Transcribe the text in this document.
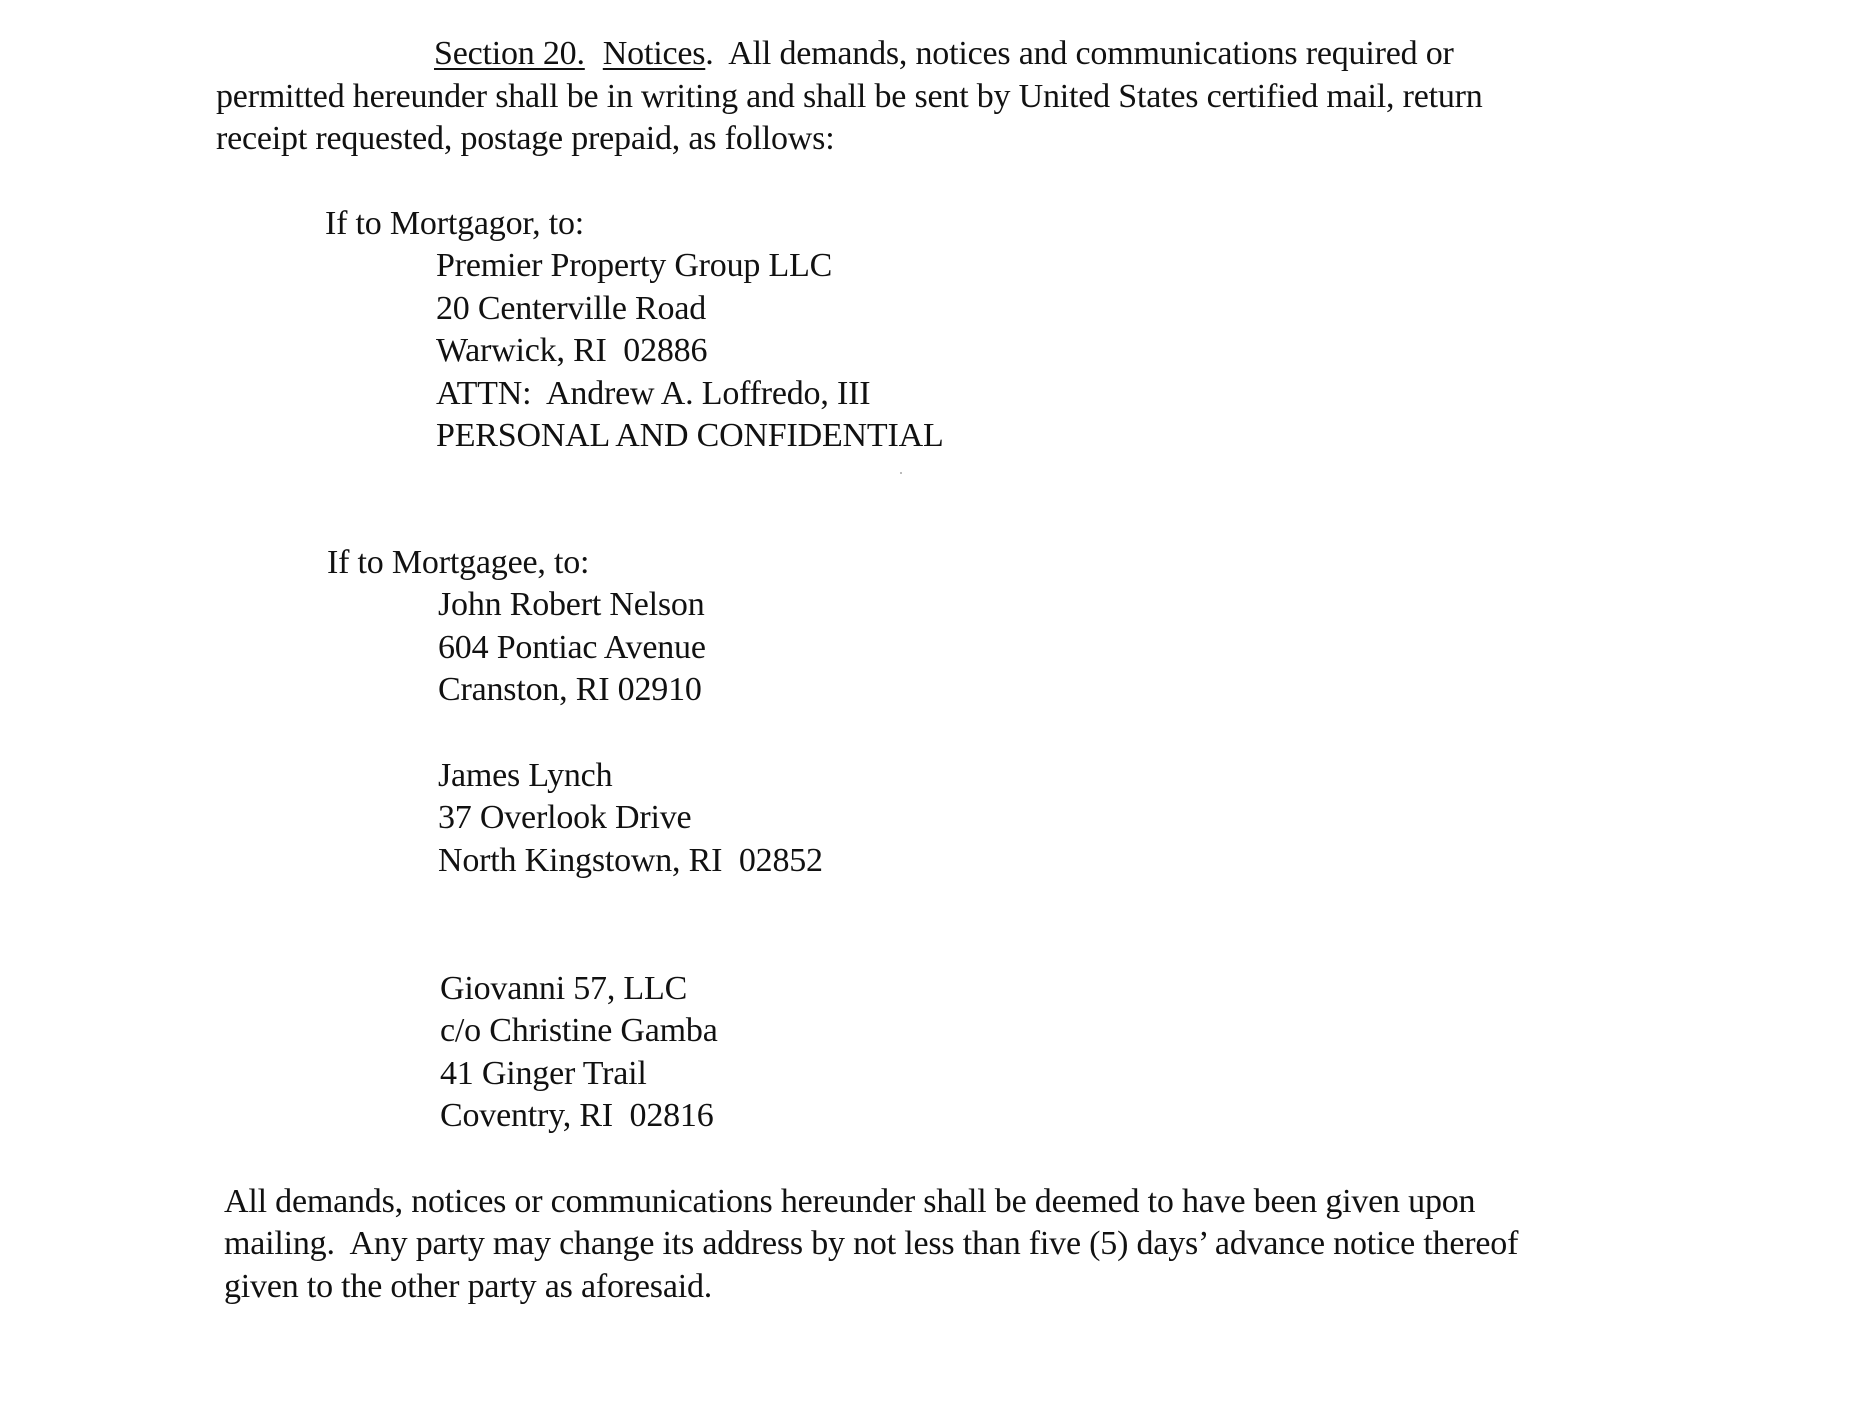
Section 20. Notices.  All demands, notices and communications required or
permitted hereunder shall be in writing and shall be sent by United States certified mail, return
receipt requested, postage prepaid, as follows:
If to Mortgagor, to:
Premier Property Group LLC
20 Centerville Road
Warwick, RI  02886
ATTN:  Andrew A. Loffredo, III
PERSONAL AND CONFIDENTIAL
If to Mortgagee, to:
John Robert Nelson
604 Pontiac Avenue
Cranston, RI 02910
James Lynch
37 Overlook Drive
North Kingstown, RI  02852
Giovanni 57, LLC
c/o Christine Gamba
41 Ginger Trail
Coventry, RI  02816
All demands, notices or communications hereunder shall be deemed to have been given upon
mailing.  Any party may change its address by not less than five (5) days’ advance notice thereof
given to the other party as aforesaid.
